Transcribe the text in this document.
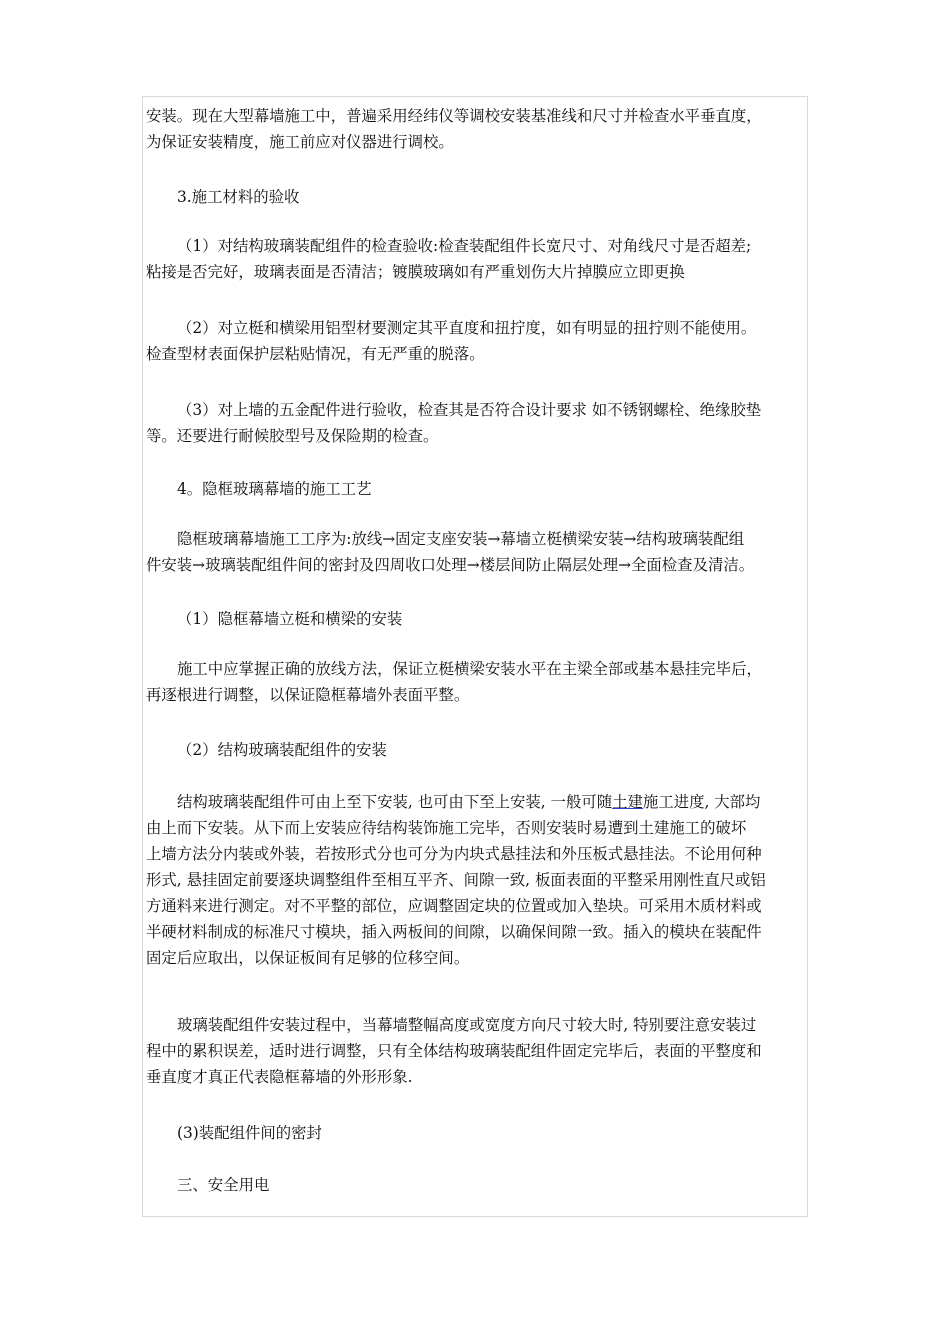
安装。现在大型幕墙施工中，普遍采用经纬仪等调校安装基准线和尺寸并检查水平垂直度，
为保证安装精度，施工前应对仪器进行调校。
3.施工材料的验收
（1）对结构玻璃装配组件的检查验收:检查装配组件长宽尺寸、对角线尺寸是否超差;
粘接是否完好，玻璃表面是否清洁；镀膜玻璃如有严重划伤大片掉膜应立即更换
（2）对立梃和横梁用铝型材要测定其平直度和扭拧度，如有明显的扭拧则不能使用。
检查型材表面保护层粘贴情况，有无严重的脱落。
（3）对上墙的五金配件进行验收，检查其是否符合设计要求 如不锈钢螺栓、绝缘胶垫
等。还要进行耐候胶型号及保险期的检查。
4。隐框玻璃幕墙的施工工艺
隐框玻璃幕墙施工工序为:放线→固定支座安装→幕墙立梃横梁安装→结构玻璃装配组
件安装→玻璃装配组件间的密封及四周收口处理→楼层间防止隔层处理→全面检查及清洁。
（1）隐框幕墙立梃和横梁的安装
施工中应掌握正确的放线方法，保证立梃横梁安装水平在主梁全部或基本悬挂完毕后，
再逐根进行调整，以保证隐框幕墙外表面平整。
（2）结构玻璃装配组件的安装
结构玻璃装配组件可由上至下安装, 也可由下至上安装, 一般可随土建施工进度, 大部均
由上而下安装。从下而上安装应待结构装饰施工完毕，否则安装时易遭到土建施工的破坏
上墙方法分内装或外装，若按形式分也可分为内块式悬挂法和外压板式悬挂法。不论用何种
形式, 悬挂固定前要逐块调整组件至相互平齐、间隙一致, 板面表面的平整采用刚性直尺或铝
方通料来进行测定。对不平整的部位，应调整固定块的位置或加入垫块。可采用木质材料或
半硬材料制成的标准尺寸模块，插入两板间的间隙，以确保间隙一致。插入的模块在装配件
固定后应取出，以保证板间有足够的位移空间。
玻璃装配组件安装过程中，当幕墙整幅高度或宽度方向尺寸较大时, 特别要注意安装过
程中的累积误差，适时进行调整，只有全体结构玻璃装配组件固定完毕后，表面的平整度和
垂直度才真正代表隐框幕墙的外形形象.
(3)装配组件间的密封
三、安全用电
